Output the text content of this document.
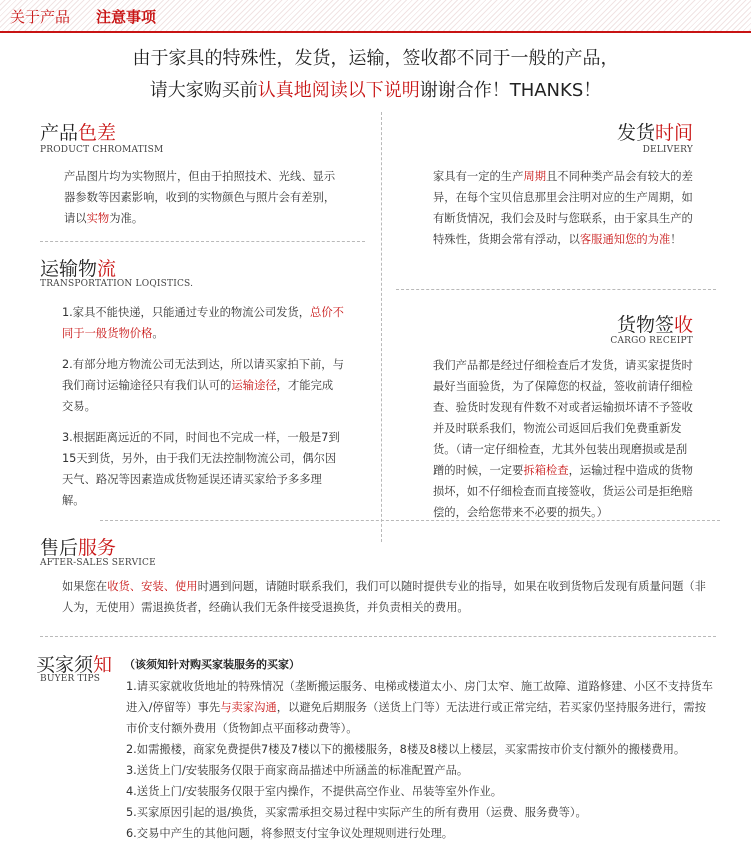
关于产品 注意事项
由于家具的特殊性，发货，运输，签收都不同于一般的产品，
请大家购买前认真地阅读以下说明谢谢合作！THANKS！
产品色差
PRODUCT CHROMATISM
产品图片均为实物照片，但由于拍照技术、光线、显示器参数等因素影响，收到的实物颜色与照片会有差别，请以实物为准。
发货时间
DELIVERY
家具有一定的生产周期且不同种类产品会有较大的差异，在每个宝贝信息那里会注明对应的生产周期，如有断货情况，我们会及时与您联系，由于家具生产的特殊性，货期会常有浮动，以客服通知您的为准！
运输物流
TRANSPORTATION LOQISTICS.

1.家具不能快递，只能通过专业的物流公司发货，总价不同于一般货物价格。

2.有部分地方物流公司无法到达，所以请买家拍下前，与我们商讨运输途径只有我们认可的运输途径，才能完成交易。

3.根据距离远近的不同，时间也不完成一样，一般是7到15天到货，另外，由于我们无法控制物流公司，偶尔因天气、路况等因素造成货物延误还请买家给予多多理解。

货物签收
CARGO RECEIPT
我们产品都是经过仔细检查后才发货，请买家提货时最好当面验货，为了保障您的权益，签收前请仔细检查、验货时发现有件数不对或者运输损坏请不予签收并及时联系我们，物流公司返回后我们免费重新发货。（请一定仔细检查，尤其外包装出现磨损或是刮蹭的时候，一定要拆箱检查，运输过程中造成的货物损坏，如不仔细检查而直接签收，货运公司是拒绝赔偿的，会给您带来不必要的损失。）
售后服务
AFTER-SALES SERVICE
如果您在收货、安装、使用时遇到问题，请随时联系我们，我们可以随时提供专业的指导，如果在收到货物后发现有质量问题（非人为，无使用）需退换货者，经确认我们无条件接受退换货，并负责相关的费用。
买家须知 （该须知针对购买家装服务的买家）
BUYER TIPS
1.请买家就收货地址的特殊情况（垄断搬运服务、电梯或楼道太小、房门太窄、施工故障、道路修建、小区不支持货车进入/停留等）事先与卖家沟通，以避免后期服务（送货上门等）无法进行或正常完结，若买家仍坚持服务进行，需按市价支付额外费用（货物卸点平面移动费等）。
2.如需搬楼，商家免费提供7楼及7楼以下的搬楼服务，8楼及8楼以上楼层，买家需按市价支付额外的搬楼费用。
3.送货上门/安装服务仅限于商家商品描述中所涵盖的标准配置产品。
4.送货上门/安装服务仅限于室内操作，不提供高空作业、吊装等室外作业。
5.买家原因引起的退/换货，买家需承担交易过程中实际产生的所有费用（运费、服务费等）。
6.交易中产生的其他问题，将参照支付宝争议处理规则进行处理。
